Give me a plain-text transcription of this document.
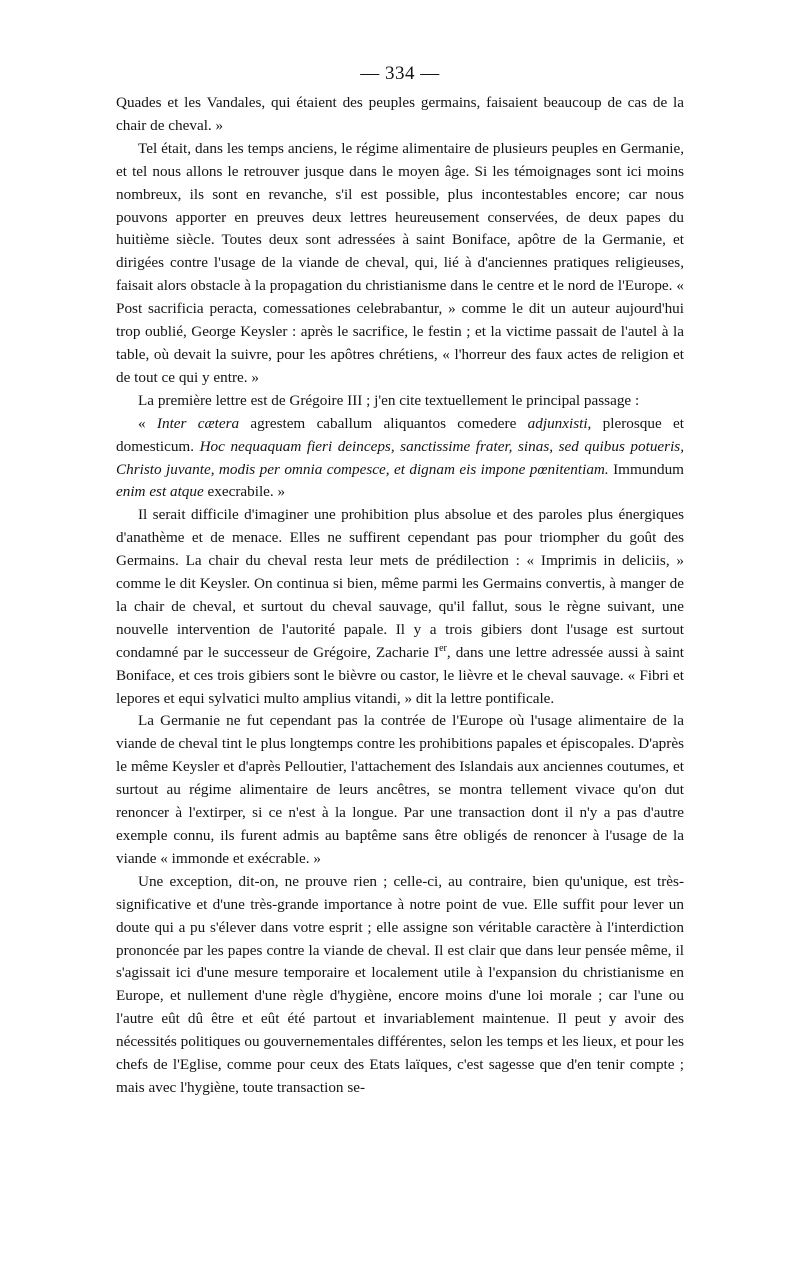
— 334 —

Quades et les Vandales, qui étaient des peuples germains, faisaient beaucoup de cas de la chair de cheval. »

Tel était, dans les temps anciens, le régime alimentaire de plusieurs peuples en Germanie, et tel nous allons le retrouver jusque dans le moyen âge. Si les témoignages sont ici moins nombreux, ils sont en revanche, s'il est possible, plus incontestables encore; car nous pouvons apporter en preuves deux lettres heureusement conservées, de deux papes du huitième siècle. Toutes deux sont adressées à saint Boniface, apôtre de la Germanie, et dirigées contre l'usage de la viande de cheval, qui, lié à d'anciennes pratiques religieuses, faisait alors obstacle à la propagation du christianisme dans le centre et le nord de l'Europe. « Post sacrificia peracta, comessationes celebrabantur, » comme le dit un auteur aujourd'hui trop oublié, George Keysler : après le sacrifice, le festin ; et la victime passait de l'autel à la table, où devait la suivre, pour les apôtres chrétiens, « l'horreur des faux actes de religion et de tout ce qui y entre. »

La première lettre est de Grégoire III ; j'en cite textuellement le principal passage :

« Inter cætera agrestem caballum aliquantos comedere adjunxisti, plerosque et domesticum. Hoc nequaquam fieri deinceps, sanctissime frater, sinas, sed quibus potueris, Christo juvante, modis per omnia compesce, et dignam eis impone pœnitentiam. Immundum enim est atque execrabile. »

Il serait difficile d'imaginer une prohibition plus absolue et des paroles plus énergiques d'anathème et de menace. Elles ne suffirent cependant pas pour triompher du goût des Germains. La chair du cheval resta leur mets de prédilection : « Imprimis in deliciis, » comme le dit Keysler. On continua si bien, même parmi les Germains convertis, à manger de la chair de cheval, et surtout du cheval sauvage, qu'il fallut, sous le règne suivant, une nouvelle intervention de l'autorité papale. Il y a trois gibiers dont l'usage est surtout condamné par le successeur de Grégoire, Zacharie Ier, dans une lettre adressée aussi à saint Boniface, et ces trois gibiers sont le bièvre ou castor, le lièvre et le cheval sauvage. « Fibri et lepores et equi sylvatici multo amplius vitandi, » dit la lettre pontificale.

La Germanie ne fut cependant pas la contrée de l'Europe où l'usage alimentaire de la viande de cheval tint le plus longtemps contre les prohibitions papales et épiscopales. D'après le même Keysler et d'après Pelloutier, l'attachement des Islandais aux anciennes coutumes, et surtout au régime alimentaire de leurs ancêtres, se montra tellement vivace qu'on dut renoncer à l'extirper, si ce n'est à la longue. Par une transaction dont il n'y a pas d'autre exemple connu, ils furent admis au baptême sans être obligés de renoncer à l'usage de la viande « immonde et exécrable. »

Une exception, dit-on, ne prouve rien ; celle-ci, au contraire, bien qu'unique, est très-significative et d'une très-grande importance à notre point de vue. Elle suffit pour lever un doute qui a pu s'élever dans votre esprit ; elle assigne son véritable caractère à l'interdiction prononcée par les papes contre la viande de cheval. Il est clair que dans leur pensée même, il s'agissait ici d'une mesure temporaire et localement utile à l'expansion du christianisme en Europe, et nullement d'une règle d'hygiène, encore moins d'une loi morale ; car l'une ou l'autre eût dû être et eût été partout et invariablement maintenue. Il peut y avoir des nécessités politiques ou gouvernementales différentes, selon les temps et les lieux, et pour les chefs de l'Eglise, comme pour ceux des Etats laïques, c'est sagesse que d'en tenir compte ; mais avec l'hygiène, toute transaction se-
